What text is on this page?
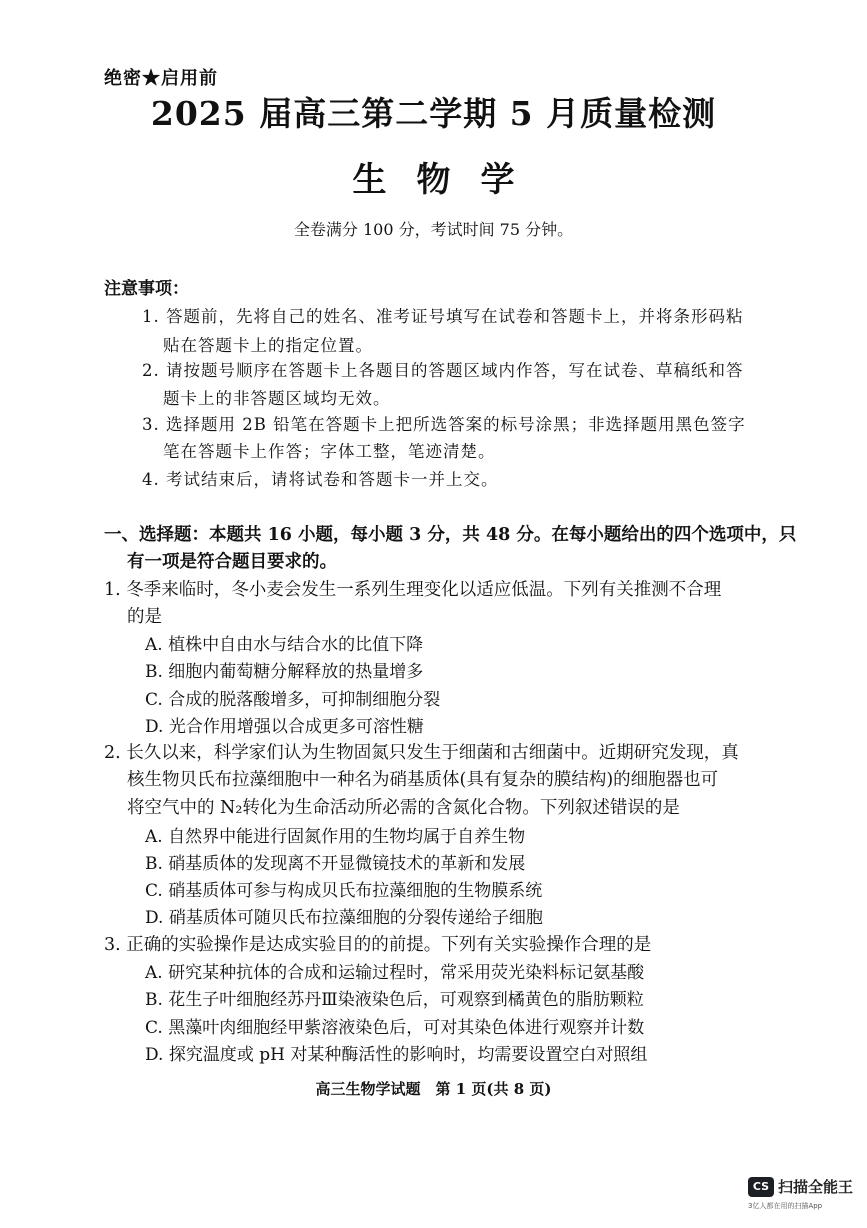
绝密★启用前
2025 届高三第二学期 5 月质量检测
生物学
全卷满分 100 分，考试时间 75 分钟。
注意事项：
1. 答题前，先将自己的姓名、准考证号填写在试卷和答题卡上，并将条形码粘
贴在答题卡上的指定位置。
2. 请按题号顺序在答题卡上各题目的答题区域内作答，写在试卷、草稿纸和答
题卡上的非答题区域均无效。
3. 选择题用 2B 铅笔在答题卡上把所选答案的标号涂黑；非选择题用黑色签字
笔在答题卡上作答；字体工整，笔迹清楚。
4. 考试结束后，请将试卷和答题卡一并上交。
一、选择题：本题共 16 小题，每小题 3 分，共 48 分。在每小题给出的四个选项中，只
有一项是符合题目要求的。
1. 冬季来临时，冬小麦会发生一系列生理变化以适应低温。下列有关推测不合理
的是
A. 植株中自由水与结合水的比值下降
B. 细胞内葡萄糖分解释放的热量增多
C. 合成的脱落酸增多，可抑制细胞分裂
D. 光合作用增强以合成更多可溶性糖
2. 长久以来，科学家们认为生物固氮只发生于细菌和古细菌中。近期研究发现，真
核生物贝氏布拉藻细胞中一种名为硝基质体(具有复杂的膜结构)的细胞器也可
将空气中的 N₂转化为生命活动所必需的含氮化合物。下列叙述错误的是
A. 自然界中能进行固氮作用的生物均属于自养生物
B. 硝基质体的发现离不开显微镜技术的革新和发展
C. 硝基质体可参与构成贝氏布拉藻细胞的生物膜系统
D. 硝基质体可随贝氏布拉藻细胞的分裂传递给子细胞
3. 正确的实验操作是达成实验目的的前提。下列有关实验操作合理的是
A. 研究某种抗体的合成和运输过程时，常采用荧光染料标记氨基酸
B. 花生子叶细胞经苏丹Ⅲ染液染色后，可观察到橘黄色的脂肪颗粒
C. 黑藻叶肉细胞经甲紫溶液染色后，可对其染色体进行观察并计数
D. 探究温度或 pH 对某种酶活性的影响时，均需要设置空白对照组
高三生物学试题　第 1 页(共 8 页)
CS 扫描全能王
3亿人都在用的扫描App
